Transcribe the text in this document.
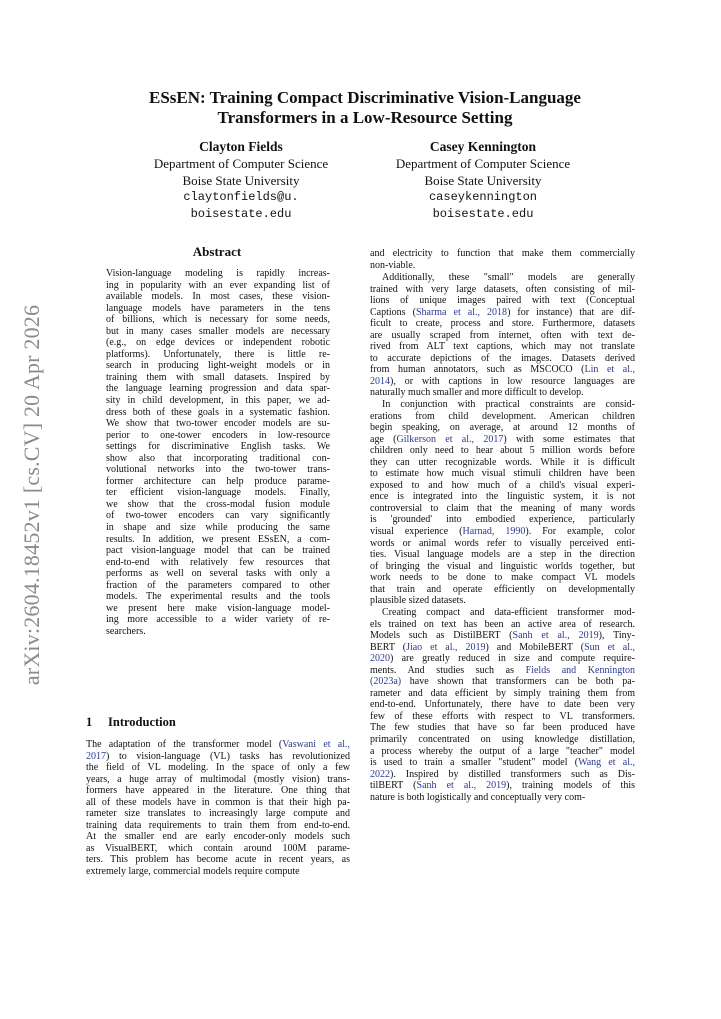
arXiv:2604.18452v1 [cs.CV] 20 Apr 2026
ESsEN: Training Compact Discriminative Vision-Language
Transformers in a Low-Resource Setting
Clayton Fields
Department of Computer Science
Boise State University
claytonfields@u.
boisestate.edu
Casey Kennington
Department of Computer Science
Boise State University
caseykennington
boisestate.edu
Abstract
Vision-language modeling is rapidly increas-
ing in popularity with an ever expanding list of
available models. In most cases, these vision-
language models have parameters in the tens
of billions, which is necessary for some needs,
but in many cases smaller models are necessary
(e.g., on edge devices or independent robotic
platforms). Unfortunately, there is little re-
search in producing light-weight models or in
training them with small datasets. Inspired by
the language learning progression and data spar-
sity in child development, in this paper, we ad-
dress both of these goals in a systematic fashion.
We show that two-tower encoder models are su-
perior to one-tower encoders in low-resource
settings for discriminative English tasks. We
show also that incorporating traditional con-
volutional networks into the two-tower trans-
former architecture can help produce parame-
ter efficient vision-language models. Finally,
we show that the cross-modal fusion module
of two-tower encoders can vary significantly
in shape and size while producing the same
results. In addition, we present ESsEN, a com-
pact vision-language model that can be trained
end-to-end with relatively few resources that
performs as well on several tasks with only a
fraction of the parameters compared to other
models. The experimental results and the tools
we present here make vision-language model-
ing more accessible to a wider variety of re-
searchers.
The adaptation of the transformer model (Vaswani et al.,
2017) to vision-language (VL) tasks has revolutionized
the field of VL modeling. In the space of only a few
years, a huge array of multimodal (mostly vision) trans-
formers have appeared in the literature. One thing that
all of these models have in common is that their high pa-
rameter size translates to increasingly large compute and
training data requirements to train them from end-to-end.
At the smaller end are early encoder-only models such
as VisualBERT, which contain around 100M parame-
ters. This problem has become acute in recent years, as
extremely large, commercial models require compute
1 Introduction
and electricity to function that make them commercially
non-viable.
Additionally, these "small" models are generally
trained with very large datasets, often consisting of mil-
lions of unique images paired with text (Conceptual
Captions (Sharma et al., 2018) for instance) that are dif-
ficult to create, process and store. Furthermore, datasets
are usually scraped from internet, often with text de-
rived from ALT text captions, which may not translate
to accurate depictions of the images. Datasets derived
from human annotators, such as MSCOCO (Lin et al.,
2014), or with captions in low resource languages are
naturally much smaller and more difficult to develop.
In conjunction with practical constraints are consid-
erations from child development. American children
begin speaking, on average, at around 12 months of
age (Gilkerson et al., 2017) with some estimates that
children only need to hear about 5 million words before
they can utter recognizable words. While it is difficult
to estimate how much visual stimuli children have been
exposed to and how much of a child's visual experi-
ence is integrated into the linguistic system, it is not
controversial to claim that the meaning of many words
is 'grounded' into embodied experience, particularly
visual experience (Harnad, 1990). For example, color
words or animal words refer to visually perceived enti-
ties. Visual language models are a step in the direction
of bringing the visual and linguistic worlds together, but
work needs to be done to make compact VL models
that train and operate efficiently on developmentally
plausible sized datasets.
Creating compact and data-efficient transformer mod-
els trained on text has been an active area of research.
Models such as DistilBERT (Sanh et al., 2019), Tiny-
BERT (Jiao et al., 2019) and MobileBERT (Sun et al.,
2020) are greatly reduced in size and compute require-
ments. And studies such as Fields and Kennington
(2023a) have shown that transformers can be both pa-
rameter and data efficient by simply training them from
end-to-end. Unfortunately, there have to date been very
few of these efforts with respect to VL transformers.
The few studies that have so far been produced have
primarily concentrated on using knowledge distillation,
a process whereby the output of a large "teacher" model
is used to train a smaller "student" model (Wang et al.,
2022). Inspired by distilled transformers such as Dis-
tilBERT (Sanh et al., 2019), training models of this
nature is both logistically and conceptually very com-
